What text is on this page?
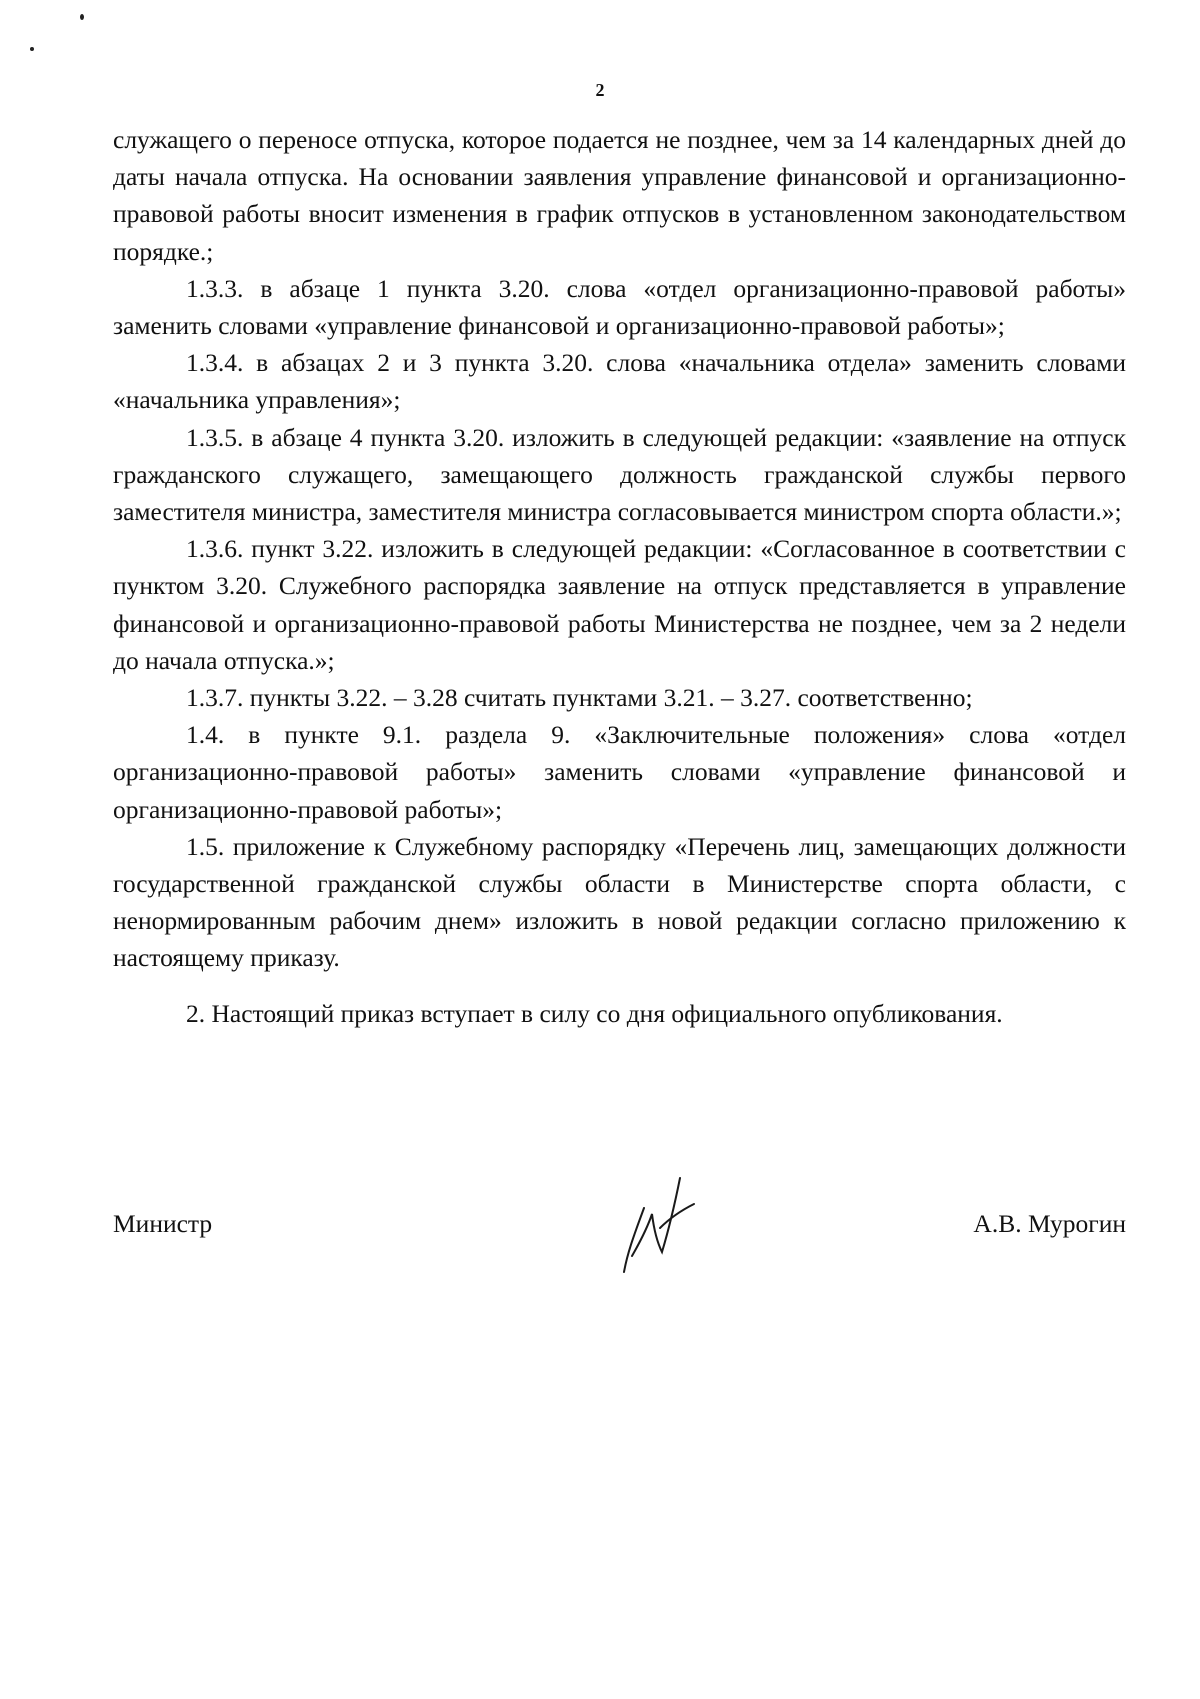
2

служащего о переносе отпуска, которое подается не позднее, чем за 14 календарных дней до даты начала отпуска. На основании заявления управление финансовой и организационно-правовой работы вносит изменения в график отпусков в установленном законодательством порядке.;

1.3.3. в абзаце 1 пункта 3.20. слова «отдел организационно-правовой работы» заменить словами «управление финансовой и организационно-правовой работы»;

1.3.4. в абзацах 2 и 3 пункта 3.20. слова «начальника отдела» заменить словами «начальника управления»;

1.3.5. в абзаце 4 пункта 3.20. изложить в следующей редакции: «заявление на отпуск гражданского служащего, замещающего должность гражданской службы первого заместителя министра, заместителя министра согласовывается министром спорта области.»;

1.3.6. пункт 3.22. изложить в следующей редакции: «Согласованное в соответствии с пунктом 3.20. Служебного распорядка заявление на отпуск представляется в управление финансовой и организационно-правовой работы Министерства не позднее, чем за 2 недели до начала отпуска.»;

1.3.7. пункты 3.22. – 3.28 считать пунктами 3.21. – 3.27. соответственно;

1.4. в пункте 9.1. раздела 9. «Заключительные положения» слова «отдел организационно-правовой работы» заменить словами «управление финансовой и организационно-правовой работы»;

1.5. приложение к Служебному распорядку «Перечень лиц, замещающих должности государственной гражданской службы области в Министерстве спорта области, с ненормированным рабочим днем» изложить в новой редакции согласно приложению к настоящему приказу.

2. Настоящий приказ вступает в силу со дня официального опубликования.

Министр	А.В. Мурогин
